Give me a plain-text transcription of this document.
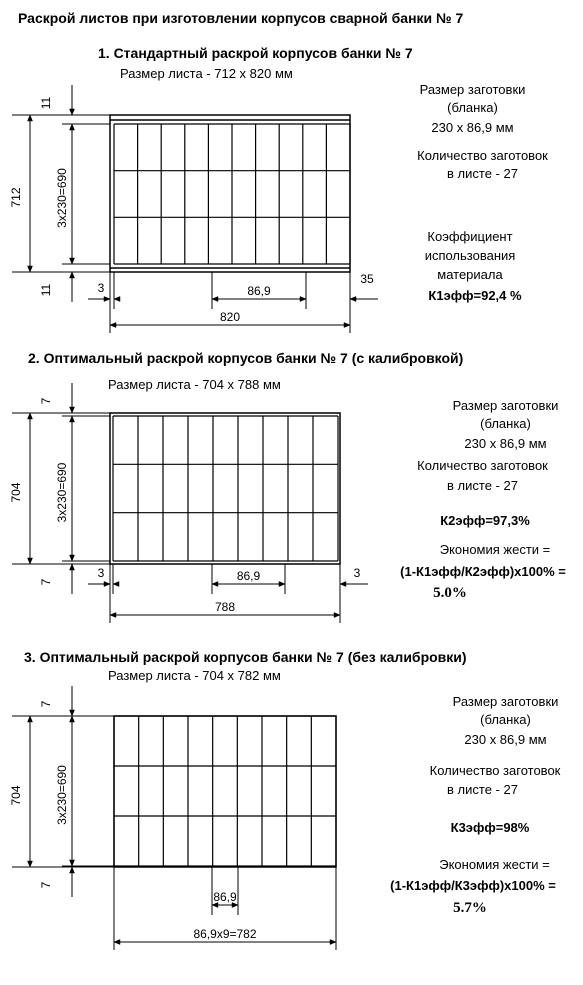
Раскрой листов при изготовлении корпусов сварной банки № 7
1. Стандартный раскрой корпусов банки № 7
Размер листа - 712 x 820 мм
2. Оптимальный раскрой корпусов банки № 7 (с калибровкой)
Размер листа - 704 x 788 мм
3. Оптимальный раскрой корпусов банки № 7 (без калибровки)
Размер листа - 704 x 782 мм
Размер заготовки
(бланка)
230 x 86,9 мм
Количество заготовок
в листе - 27
Коэффициент
использования
материала
К1эфф=92,4 %
Размер заготовки
(бланка)
230 x 86,9 мм
Количество заготовок
в листе - 27
К2эфф=97,3%
Экономия жести =
(1-К1эфф/К2эфф)x100% =
5.0%
Размер заготовки
(бланка)
230 x 86,9 мм
Количество заготовок
в листе - 27
К3эфф=98%
Экономия жести =
(1-К1эфф/К3эфф)x100% =
5.7%
712	3x230=690
11
11	86,9
3
35
820
704	3x230=690
7
7	86,9
3	3
788
704	3x230=690
7
7
86,9
86,9x9=782
